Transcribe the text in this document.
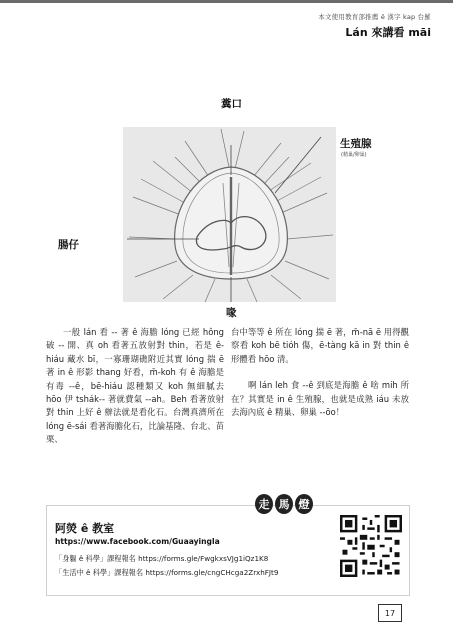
本文使用教育部推薦 ê 漢字 kap 台羅
Lán 來講看 māi
糞口
生殖腺
(精巢/卵巢)
腸仔
喙

一般 lán 看 -- 著 ê 海膽 lóng 已經 hông 破 -- 開、真 oh 看著五放射對 thin，若是 ê-hiáu 藏水 bī，一寡珊瑚礁附近其實 lóng 揣 ē 著 in ê 形影 thang 好看，m̄-koh 有 ê 海膽是有毒 --ê，bē-hiáu 認種類又 koh 無細膩去 hōo 伊 tshák-- 著就費氣 --ah。Beh 看著放射對 thin 上好 ê 辦法就是看化石。台灣真濟所在 lóng ē-sái 看著海膽化石，比論基隆、台北、苗栗、

台中等等 ê 所在 lóng 揣 ē 著，m̄-nā ē 用得觀察看 koh bē tióh 傷，ē-tàng kā in 對 thin ê 形體看 hōo 清。

啊 lán leh 食 --ê 到底是海膽 ê 啥 mih 所在？其實是 in ê 生殖腺，也就是成熟 iáu 未放去海內底 ê 精巢、卵巢 --ōo！

走 馬 燈
阿熒 ê 教室
https://www.facebook.com/Guaayingla
「身軀 ê 科學」課程報名 https://forms.gle/FwgkxsVJg1iQz1K8
「生活中 ê 科學」課程報名 https://forms.gle/cngCHcga2ZrxhFJt9
17
